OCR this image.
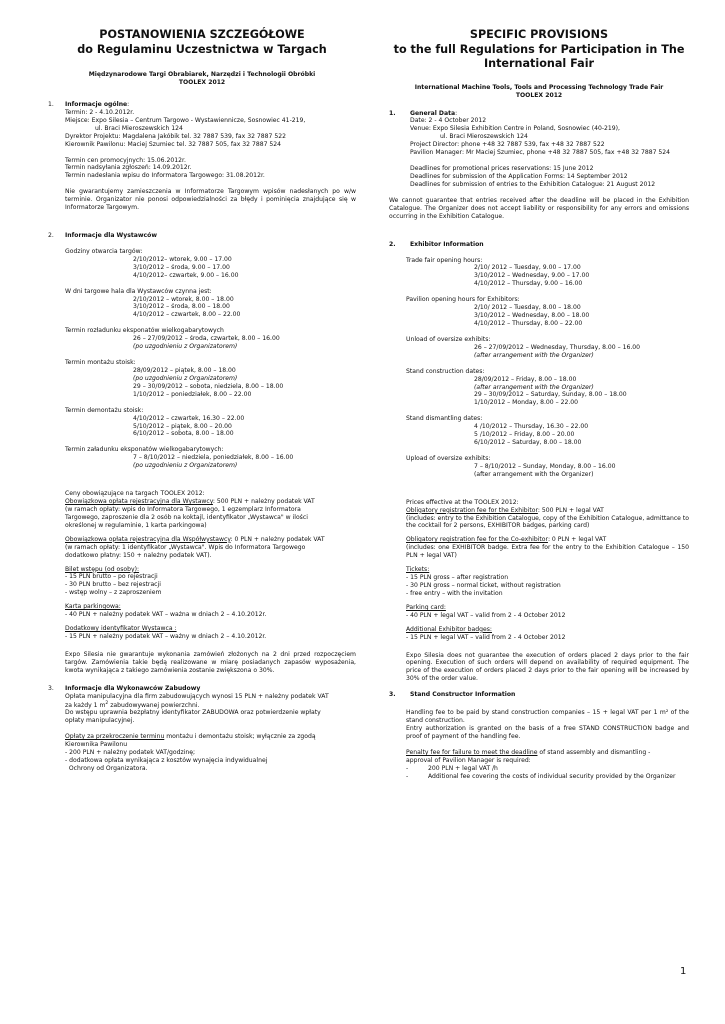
POSTANOWIENIA SZCZEGÓŁOWE
do Regulaminu Uczestnictwa w Targach
Międzynarodowe Targi Obrabiarek, Narzędzi i Technologii Obróbki
TOOLEX 2012
1. Informacje ogólne:
Termin: 2 - 4.10.2012r.
Miejsce: Expo Silesia – Centrum Targowo - Wystawiennicze, Sosnowiec 41-219,
ul. Braci Mieroszewskich 124
Dyrektor Projektu: Magdalena Jakóbik tel. 32 7887 539, fax 32 7887 522
Kierownik Pawilonu: Maciej Szumiec tel. 32 7887 505, fax 32 7887 524
Termin cen promocyjnych: 15.06.2012r.
Termin nadsyłania zgłoszeń: 14.09.2012r.
Termin nadesłania wpisu do Informatora Targowego: 31.08.2012r.
Nie gwarantujemy zamieszczenia w Informatorze Targowym wpisów nadesłanych po w/w terminie. Organizator nie ponosi odpowiedzialności za błędy i pominięcia znajdujące się w Informatorze Targowym.
2. Informacje dla Wystawców
Godziny otwarcia targów:
2/10/2012– wtorek, 9.00 – 17.00
3/10/2012 – środa, 9.00 – 17.00
4/10/2012– czwartek, 9.00 – 16.00
W dni targowe hala dla Wystawców czynna jest:
2/10/2012 – wtorek, 8.00 – 18.00
3/10/2012 – środa, 8.00 – 18.00
4/10/2012 – czwartek, 8.00 – 22.00
Termin rozładunku eksponatów wielkogabarytowych
26 – 27/09/2012 – środa, czwartek, 8.00 – 16.00
(po uzgodnieniu z Organizatorem)
Termin montażu stoisk:
28/09/2012 – piątek, 8.00 – 18.00
(po uzgodnieniu z Organizatorem)
29 – 30/09/2012 – sobota, niedziela, 8.00 – 18.00
1/10/2012 – poniedziałek, 8.00 – 22.00
Termin demontażu stoisk:
4/10/2012 – czwartek, 16.30 – 22.00
5/10/2012 – piątek, 8.00 – 20.00
6/10/2012 – sobota, 8.00 – 18.00
Termin załadunku eksponatów wielkogabarytowych:
7 – 8/10/2012 – niedziela, poniedziałek, 8.00 – 16.00
(po uzgodnieniu z Organizatorem)
Ceny obowiązujące na targach TOOLEX 2012:
Obowiązkowa opłata rejestracyjna dla Wystawcy: 500 PLN + należny podatek VAT
(w ramach opłaty: wpis do Informatora Targowego, 1 egzemplarz Informatora
Targowego, zaproszenie dla 2 osób na koktajl, identyfikator „Wystawca" w ilości
określonej w regulaminie, 1 karta parkingowa)
Obowiązkowa opłata rejestracyjna dla Współwystawcy: 0 PLN + należny podatek VAT
(w ramach opłaty: 1 identyfikator „Wystawca". Wpis do Informatora Targowego
dodatkowo płatny: 150 + należny podatek VAT).
Bilet wstępu (od osoby):
- 15 PLN brutto – po rejestracji
- 30 PLN brutto – bez rejestracji
- wstęp wolny – z zaproszeniem
Karta parkingowa:
- 40 PLN + należny podatek VAT – ważna w dniach 2 – 4.10.2012r.
Dodatkowy identyfikator Wystawca :
- 15 PLN + należny podatek VAT – ważny w dniach 2 – 4.10.2012r.
Expo Silesia nie gwarantuje wykonania zamówień złożonych na 2 dni przed rozpoczęciem targów. Zamówienia takie będą realizowane w miarę posiadanych zapasów wyposażenia, kwota wynikająca z takiego zamówienia zostanie zwiększona o 30%.
3. Informacje dla Wykonawców Zabudowy
Opłata manipulacyjna dla firm zabudowujących wynosi 15 PLN + należny podatek VAT
za każdy 1 $m^2$ zabudowywanej powierzchni.
Do wstępu uprawnia bezpłatny identyfikator ZABUDOWA oraz potwierdzenie wpłaty
opłaty manipulacyjnej.
Opłaty za przekroczenie terminu montażu i demontażu stoisk; wyłącznie za zgodą
Kierownika Pawilonu
- 200 PLN + należny podatek VAT/godzinę;
- dodatkowa opłata wynikająca z kosztów wynajęcia indywidualnej
Ochrony od Organizatora.
SPECIFIC PROVISIONS
to the full Regulations for Participation in The
International Fair
International Machine Tools, Tools and Processing Technology Trade Fair
TOOLEX 2012
1.	General Data:
Date: 2 - 4 October 2012
Venue: Expo Silesia Exhibition Centre in Poland, Sosnowiec (40-219),
ul. Braci Mieroszewskich 124
Project Director: phone +48 32 7887 539, fax +48 32 7887 522
Pavilion Manager: Mr Maciej Szumiec, phone +48 32 7887 505, fax +48 32 7887 524
Deadlines for promotional prices reservations: 15 June 2012
Deadlines for submission of the Application Forms: 14 September 2012
Deadlines for submission of entries to the Exhibition Catalogue: 21 August 2012
We cannot guarantee that entries received after the deadline will be placed in the Exhibition Catalogue. The Organizer does not accept liability or responsibility for any errors and omissions occurring in the Exhibition Catalogue.
2.	Exhibitor Information
Trade fair opening hours:
2/10/ 2012 – Tuesday, 9.00 – 17.00
3/10/2012 – Wednesday, 9.00 – 17.00
4/10/2012 – Thursday, 9.00 – 16.00
Pavilion opening hours for Exhibitors:
2/10/ 2012 – Tuesday, 8.00 – 18.00
3/10/2012 – Wednesday, 8.00 – 18.00
4/10/2012 – Thursday, 8.00 – 22.00
Unload of oversize exhibits:
26 – 27/09/2012 – Wednesday, Thursday, 8.00 – 16.00
(after arrangement with the Organizer)
Stand construction dates:
28/09/2012 – Friday, 8.00 – 18.00
(after arrangement with the Organizer)
29 – 30/09/2012 – Saturday, Sunday, 8.00 – 18.00
1/10/2012 – Monday, 8.00 – 22.00
Stand dismantling dates:
4 /10/2012 – Thursday, 16.30 – 22.00
5 /10/2012 – Friday, 8.00 – 20.00
6/10/2012 – Saturday, 8.00 – 18.00
Upload of oversize exhibits:
7 – 8/10/2012 – Sunday, Monday, 8.00 – 16.00
(after arrangement with the Organizer)
Prices effective at the TOOLEX 2012:
Obligatory registration fee for the Exhibitor: 500 PLN + legal VAT
(includes: entry to the Exhibition Catalogue, copy of the Exhibition Catalogue, admittance to the cocktail for 2 persons, EXHIBITOR badges, parking card)
Obligatory registration fee for the Co-exhibitor: 0 PLN + legal VAT
(includes: one EXHIBITOR badge. Extra fee for the entry to the Exhibition Catalogue – 150 PLN + legal VAT)
Tickets:
- 15 PLN gross – after registration
- 30 PLN gross – normal ticket, without registration
- free entry – with the invitation
Parking card:
- 40 PLN + legal VAT – valid from 2 - 4 October 2012
Additional Exhibitor badges:
- 15 PLN + legal VAT – valid from 2 - 4 October 2012
Expo Silesia does not guarantee the execution of orders placed 2 days prior to the fair opening. Execution of such orders will depend on availability of required equipment. The price of the execution of orders placed 2 days prior to the fair opening will be increased by 30% of the order value.
3.	Stand Constructor Information
Handling fee to be paid by stand construction companies – 15 + legal VAT per 1 m² of the stand construction.
Entry authorization is granted on the basis of a free STAND CONSTRUCTION badge and proof of payment of the handling fee.
Penalty fee for failure to meet the deadline of stand assembly and dismantling -
approval of Pavilion Manager is required:
-	200 PLN + legal VAT /h
-	Additional fee covering the costs of individual security provided by the Organizer
1
